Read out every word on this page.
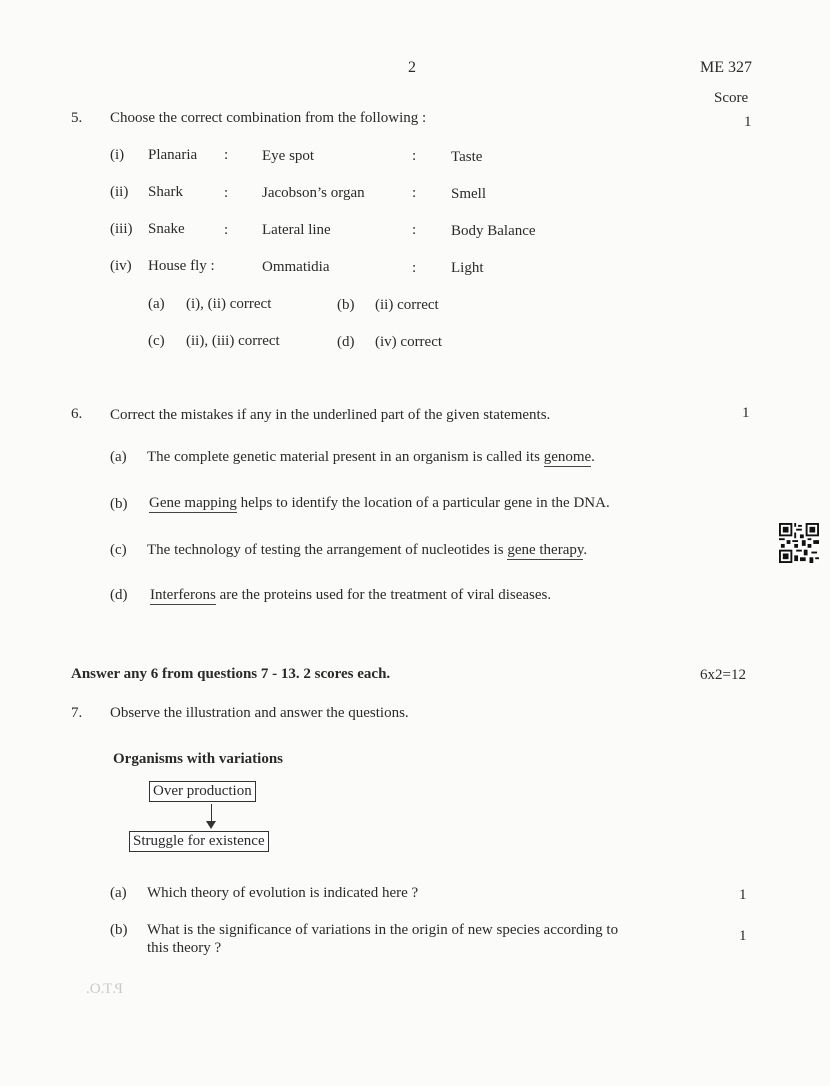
2	ME 327
Score
5. Choose the correct combination from the following :	1
(i) Planaria : Eye spot	: Taste
(ii) Shark	: Jacobson’s organ	: Smell
(iii) Snake	: Lateral line	: Body Balance
(iv) House fly :	Ommatidia	: Light
(a) (i), (ii) correct	(b) (ii) correct
(c) (ii), (iii) correct	(d) (iv) correct
6. Correct the mistakes if any in the underlined part of the given statements.	1
(a) The complete genetic material present in an organism is called its genome.
(b) Gene mapping helps to identify the location of a particular gene in the DNA.
(c) The technology of testing the arrangement of nucleotides is gene therapy.
(d) Interferons are the proteins used for the treatment of viral diseases.
Answer any 6 from questions 7 - 13. 2 scores each.	6x2=12
7. Observe the illustration and answer the questions.
Organisms with variations
Over production
Struggle for existence
(a) Which theory of evolution is indicated here ?	1
(b) What is the significance of variations in the origin of new species according to
this theory ?
1
P.T.O.
